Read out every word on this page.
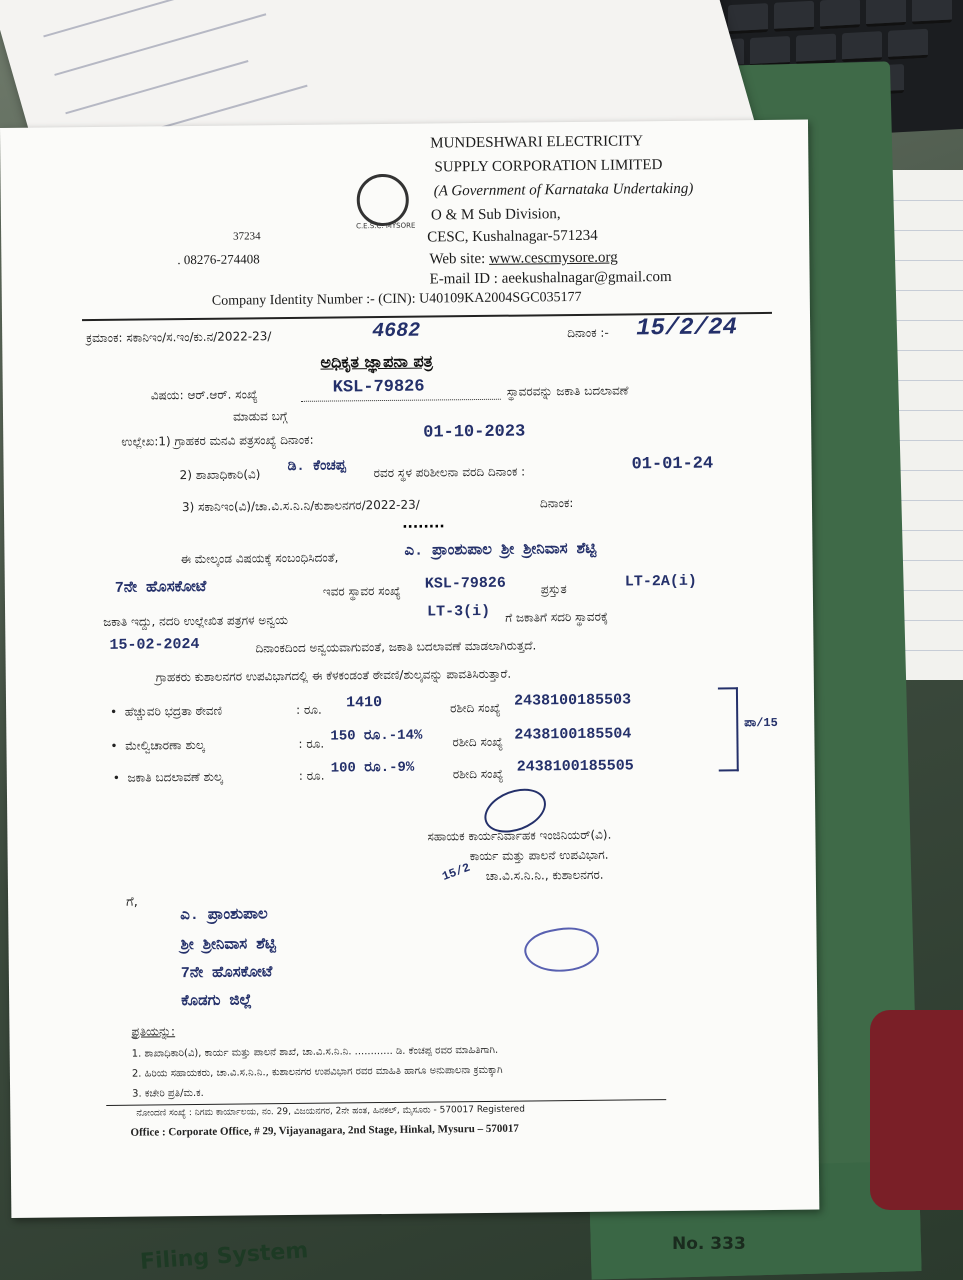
Filing System	No. 333
C.E.S.C. MYSORE
MUNDESHWARI ELECTRICITY
SUPPLY CORPORATION LIMITED
(A Government of Karnataka Undertaking)
O & M Sub Division,
CESC, Kushalnagar-571234
37234
. 08276-274408	Web site: www.cescmysore.org
E-mail ID : aeekushalnagar@gmail.com
Company Identity Number :- (CIN): U40109KA2004SGC035177
ಕ್ರಮಾಂಕ: ಸಕಾನಿಇಂ/ಸ.ಇಂ/ಕು.ನ/2022-23/	4682	ದಿನಾಂಕ :- 15/2/24
ಅಧಿಕೃತ ಜ್ಞಾಪನಾ ಪತ್ರ
ವಿಷಯ: ಆರ್.ಆರ್. ಸಂಖ್ಯೆ	KSL-79826	ಸ್ಥಾವರವನ್ನು ಜಕಾತಿ ಬದಲಾವಣೆ
ಮಾಡುವ ಬಗ್ಗೆ
ಉಲ್ಲೇಖ:1) ಗ್ರಾಹಕರ ಮನವಿ ಪತ್ರಸಂಖ್ಯೆ ದಿನಾಂಕ:	01-10-2023
2) ಶಾಖಾಧಿಕಾರಿ(ವಿ) ಡಿ. ಕೆಂಚಪ್ಪ ರವರ ಸ್ಥಳ ಪರಿಶೀಲನಾ ವರದಿ ದಿನಾಂಕ :	01-01-24
3) ಸಕಾನಿಇಂ(ವಿ)/ಚಾ.ವಿ.ಸ.ನಿ.ನಿ/ಕುಶಾಲನಗರ/2022-23/	ದಿನಾಂಕ:
........
ಈ ಮೇಲ್ಕಂಡ ವಿಷಯಕ್ಕೆ ಸಂಬಂಧಿಸಿದಂತೆ,	ಎ. ಪ್ರಾಂಶುಪಾಲ ಶ್ರೀ ಶ್ರೀನಿವಾಸ ಶೆಟ್ಟಿ
7ನೇ ಹೊಸಕೋಟೆ	ಇವರ ಸ್ಥಾವರ ಸಂಖ್ಯೆ KSL-79826	ಪ್ರಸ್ತುತ	LT-2A(i)
ಜಕಾತಿ ಇದ್ದು, ನದರಿ ಉಲ್ಲೇಖಿತ ಪತ್ರಗಳ ಅನ್ವಯ
LT-3(i) ಗೆ ಜಕಾತಿಗೆ ಸದರಿ ಸ್ಥಾವರಕ್ಕೆ
15-02-2024	ದಿನಾಂಕದಿಂದ ಅನ್ವಯವಾಗುವಂತೆ, ಜಕಾತಿ ಬದಲಾವಣೆ ಮಾಡಲಾಗಿರುತ್ತದೆ.
ಗ್ರಾಹಕರು ಕುಶಾಲನಗರ ಉಪವಿಭಾಗದಲ್ಲಿ ಈ ಕೆಳಕಂಡಂತೆ ಠೇವಣಿ/ಶುಲ್ಕವನ್ನು ಪಾವತಿಸಿರುತ್ತಾರೆ.
•  ಹೆಚ್ಚುವರಿ ಭದ್ರತಾ ಠೇವಣಿ	: ರೂ. 1410	ರಶೀದಿ ಸಂಖ್ಯೆ 2438100185503
•  ಮೇಲ್ವಿಚಾರಣಾ ಶುಲ್ಕ	: ರೂ. 150 ರೂ.-14% ರಶೀದಿ ಸಂಖ್ಯೆ 2438100185504
•  ಜಕಾತಿ ಬದಲಾವಣೆ ಶುಲ್ಕ	: ರೂ. 100 ರೂ.-9%	ರಶೀದಿ ಸಂಖ್ಯೆ 2438100185505
ಪಾ/15
ಸಹಾಯಕ ಕಾರ್ಯನಿರ್ವಾಹಕ ಇಂಜಿನಿಯರ್(ವಿ).
ಕಾರ್ಯ ಮತ್ತು ಪಾಲನೆ ಉಪವಿಭಾಗ.
ಚಾ.ವಿ.ಸ.ನಿ.ನಿ., ಕುಶಾಲನಗರ.
15/2
ಗೆ,
ಎ. ಪ್ರಾಂಶುಪಾಲ
ಶ್ರೀ ಶ್ರೀನಿವಾಸ ಶೆಟ್ಟಿ
7ನೇ ಹೊಸಕೋಟೆ
ಕೊಡಗು ಜಿಲ್ಲೆ
ಪ್ರತಿಯನ್ನು:
1. ಶಾಖಾಧಿಕಾರಿ(ವಿ), ಕಾರ್ಯ ಮತ್ತು ಪಾಲನೆ ಶಾಖೆ, ಚಾ.ವಿ.ಸ.ನಿ.ನಿ. ............ ಡಿ. ಕೆಂಚಪ್ಪ ರವರ ಮಾಹಿತಿಗಾಗಿ.
2. ಹಿರಿಯ ಸಹಾಯಕರು, ಚಾ.ವಿ.ಸ.ನಿ.ನಿ., ಕುಶಾಲನಗರ ಉಪವಿಭಾಗ ರವರ ಮಾಹಿತಿ ಹಾಗೂ ಅನುಪಾಲನಾ ಕ್ರಮಕ್ಕಾಗಿ
3. ಕಚೇರಿ ಪ್ರತಿ/ಮ.ಕ.
ನೋಂದಣಿ ಸಂಖ್ಯೆ : ನಿಗಮ ಕಾರ್ಯಾಲಯ, ನಂ. 29, ವಿಜಯನಗರ, 2ನೇ ಹಂತ, ಹಿನಕಲ್, ಮೈಸೂರು - 570017 Registered
Office : Corporate Office, # 29, Vijayanagara, 2nd Stage, Hinkal, Mysuru – 570017
